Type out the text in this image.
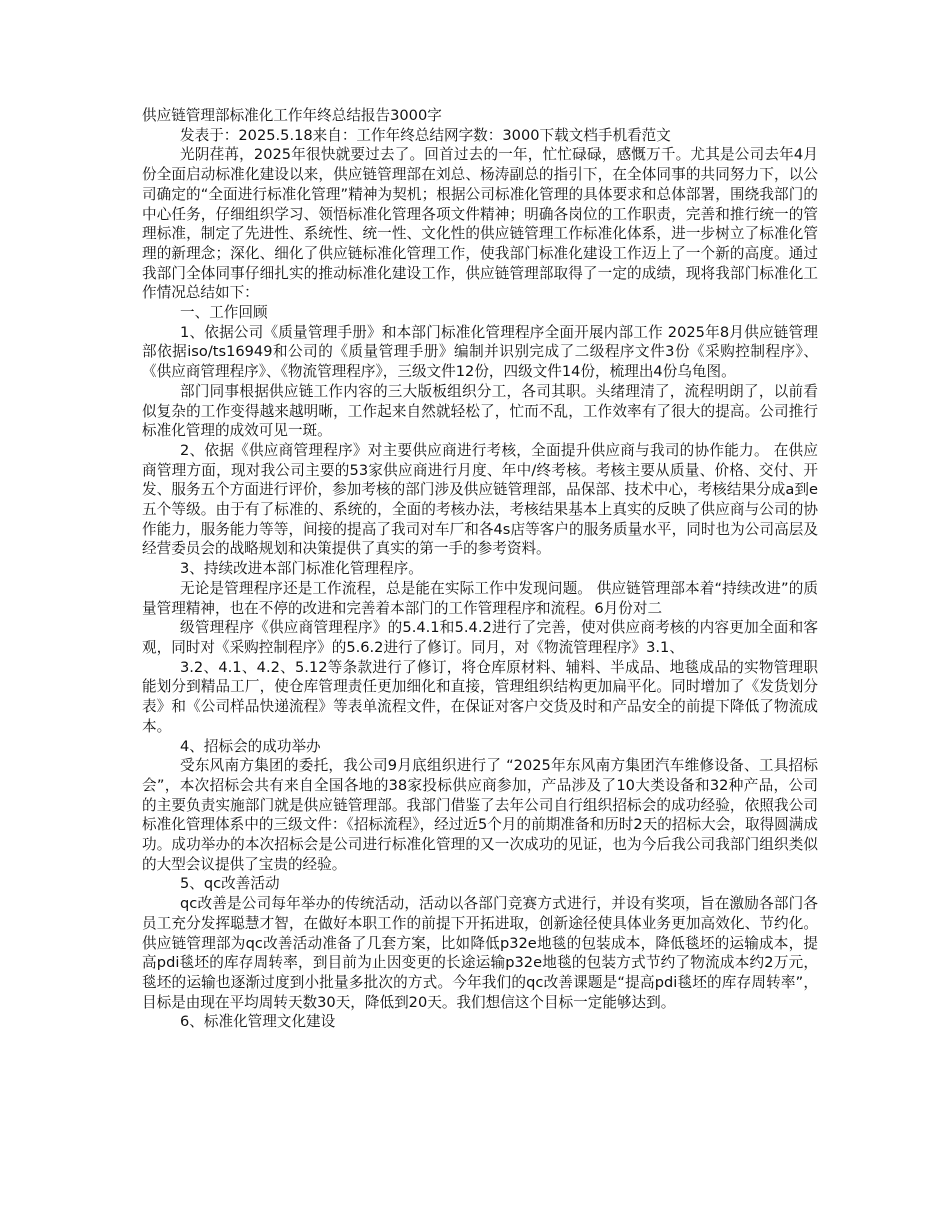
供应链管理部标准化工作年终总结报告3000字

发表于：2025.5.18来自：工作年终总结网字数：3000下载文档手机看范文

光阴荏苒，2025年很快就要过去了。回首过去的一年，忙忙碌碌，感慨万千。尤其是公司去年4月份全面启动标准化建设以来，供应链管理部在刘总、杨涛副总的指引下，在全体同事的共同努力下，以公司确定的“全面进行标准化管理”精神为契机；根据公司标准化管理的具体要求和总体部署，围绕我部门的中心任务，仔细组织学习、领悟标准化管理各项文件精神；明确各岗位的工作职责，完善和推行统一的管理标准，制定了先进性、系统性、统一性、文化性的供应链管理工作标准化体系，进一步树立了标准化管理的新理念；深化、细化了供应链标准化管理工作，使我部门标准化建设工作迈上了一个新的高度。通过我部门全体同事仔细扎实的推动标准化建设工作，供应链管理部取得了一定的成绩，现将我部门标准化工作情况总结如下：

一、工作回顾

1、依据公司《质量管理手册》和本部门标准化管理程序全面开展内部工作 2025年8月供应链管理部依据iso/ts16949和公司的《质量管理手册》编制并识别完成了二级程序文件3份《采购控制程序》、《供应商管理程序》、《物流管理程序》，三级文件12份，四级文件14份，梳理出4份乌龟图。

部门同事根据供应链工作内容的三大版板组织分工，各司其职。头绪理清了，流程明朗了，以前看似复杂的工作变得越来越明晰，工作起来自然就轻松了，忙而不乱，工作效率有了很大的提高。公司推行标准化管理的成效可见一斑。

2、依据《供应商管理程序》对主要供应商进行考核，全面提升供应商与我司的协作能力。 在供应商管理方面，现对我公司主要的53家供应商进行月度、年中/终考核。考核主要从质量、价格、交付、开发、服务五个方面进行评价，参加考核的部门涉及供应链管理部，品保部、技术中心，考核结果分成a到e五个等级。由于有了标准的、系统的，全面的考核办法，考核结果基本上真实的反映了供应商与公司的协作能力，服务能力等等，间接的提高了我司对车厂和各4s店等客户的服务质量水平，同时也为公司高层及经营委员会的战略规划和决策提供了真实的第一手的参考资料。

3、持续改进本部门标准化管理程序。

无论是管理程序还是工作流程，总是能在实际工作中发现问题。 供应链管理部本着“持续改进”的质量管理精神，也在不停的改进和完善着本部门的工作管理程序和流程。6月份对二

级管理程序《供应商管理程序》的5.4.1和5.4.2进行了完善，使对供应商考核的内容更加全面和客观，同时对《采购控制程序》的5.6.2进行了修订。同月，对《物流管理程序》3.1、

3.2、4.1、4.2、5.12等条款进行了修订，将仓库原材料、辅料、半成品、地毯成品的实物管理职能划分到精品工厂，使仓库管理责任更加细化和直接，管理组织结构更加扁平化。同时增加了《发货划分表》和《公司样品快递流程》等表单流程文件，在保证对客户交货及时和产品安全的前提下降低了物流成本。

4、招标会的成功举办

受东风南方集团的委托，我公司9月底组织进行了 “2025年东风南方集团汽车维修设备、工具招标会”，本次招标会共有来自全国各地的38家投标供应商参加，产品涉及了10大类设备和32种产品，公司的主要负责实施部门就是供应链管理部。我部门借鉴了去年公司自行组织招标会的成功经验，依照我公司标准化管理体系中的三级文件：《招标流程》，经过近5个月的前期准备和历时2天的招标大会，取得圆满成功。成功举办的本次招标会是公司进行标准化管理的又一次成功的见证，也为今后我公司我部门组织类似的大型会议提供了宝贵的经验。

5、qc改善活动

qc改善是公司每年举办的传统活动，活动以各部门竞赛方式进行，并设有奖项，旨在激励各部门各员工充分发挥聪慧才智，在做好本职工作的前提下开拓进取，创新途径使具体业务更加高效化、节约化。供应链管理部为qc改善活动准备了几套方案，比如降低p32e地毯的包装成本，降低毯坯的运输成本，提高pdi毯坯的库存周转率，到目前为止因变更的长途运输p32e地毯的包装方式节约了物流成本约2万元，毯坯的运输也逐渐过度到小批量多批次的方式。今年我们的qc改善课题是“提高pdi毯坯的库存周转率”，目标是由现在平均周转天数30天，降低到20天。我们想信这个目标一定能够达到。

6、标准化管理文化建设
